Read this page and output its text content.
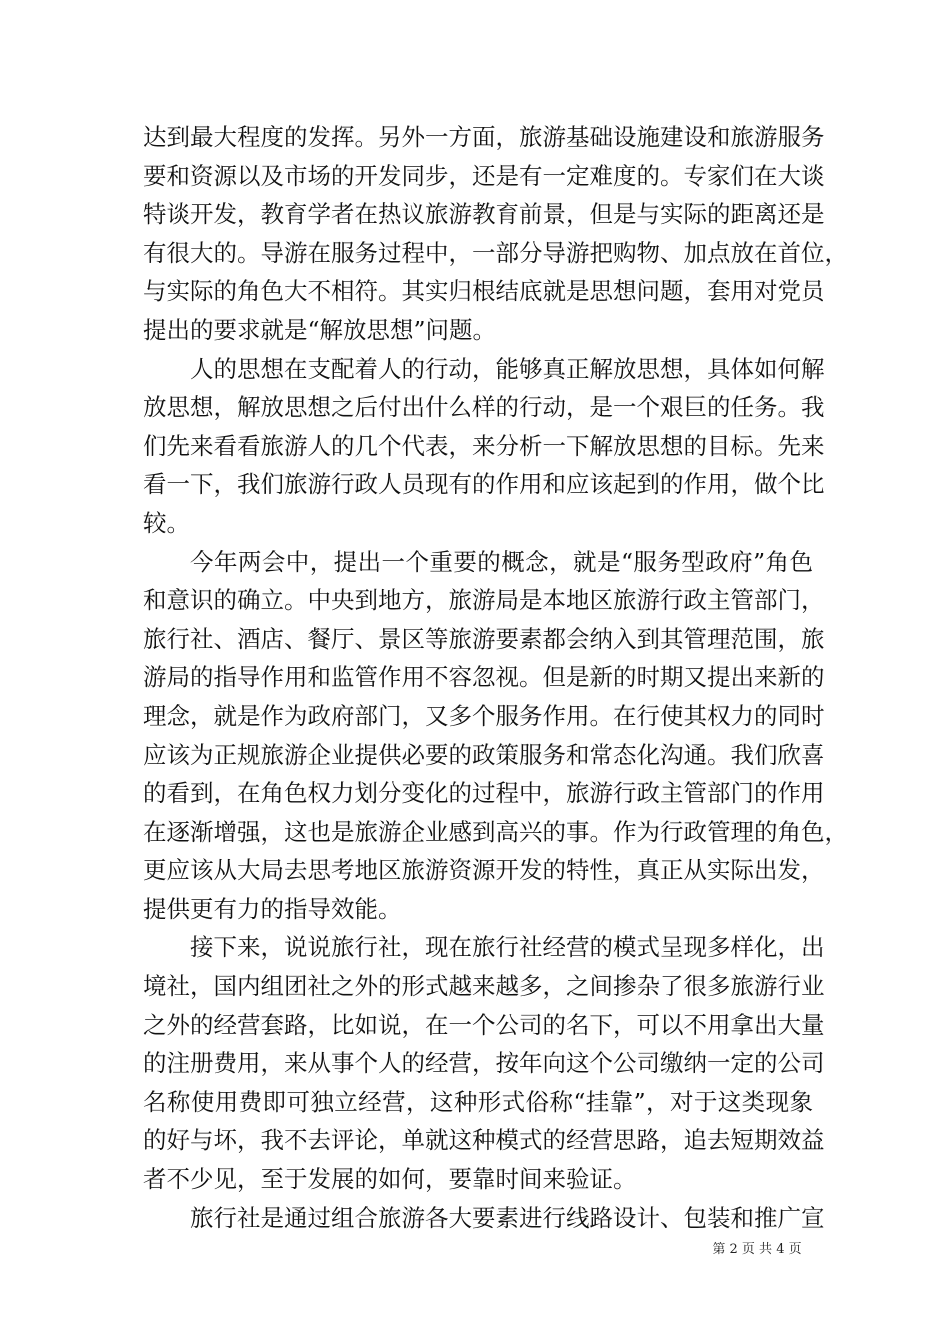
达到最大程度的发挥。另外一方面，旅游基础设施建设和旅游服务
要和资源以及市场的开发同步，还是有一定难度的。专家们在大谈
特谈开发，教育学者在热议旅游教育前景，但是与实际的距离还是
有很大的。导游在服务过程中，一部分导游把购物、加点放在首位，
与实际的角色大不相符。其实归根结底就是思想问题，套用对党员
提出的要求就是“解放思想”问题。
人的思想在支配着人的行动，能够真正解放思想，具体如何解
放思想，解放思想之后付出什么样的行动，是一个艰巨的任务。我
们先来看看旅游人的几个代表，来分析一下解放思想的目标。先来
看一下，我们旅游行政人员现有的作用和应该起到的作用，做个比
较。
今年两会中，提出一个重要的概念，就是“服务型政府”角色
和意识的确立。中央到地方，旅游局是本地区旅游行政主管部门，
旅行社、酒店、餐厅、景区等旅游要素都会纳入到其管理范围，旅
游局的指导作用和监管作用不容忽视。但是新的时期又提出来新的
理念，就是作为政府部门，又多个服务作用。在行使其权力的同时
应该为正规旅游企业提供必要的政策服务和常态化沟通。我们欣喜
的看到，在角色权力划分变化的过程中，旅游行政主管部门的作用
在逐渐增强，这也是旅游企业感到高兴的事。作为行政管理的角色，
更应该从大局去思考地区旅游资源开发的特性，真正从实际出发，
提供更有力的指导效能。
接下来，说说旅行社，现在旅行社经营的模式呈现多样化，出
境社，国内组团社之外的形式越来越多，之间掺杂了很多旅游行业
之外的经营套路，比如说，在一个公司的名下，可以不用拿出大量
的注册费用，来从事个人的经营，按年向这个公司缴纳一定的公司
名称使用费即可独立经营，这种形式俗称“挂靠”，对于这类现象
的好与坏，我不去评论，单就这种模式的经营思路，追去短期效益
者不少见，至于发展的如何，要靠时间来验证。
旅行社是通过组合旅游各大要素进行线路设计、包装和推广宣
第 2 页 共 4 页
